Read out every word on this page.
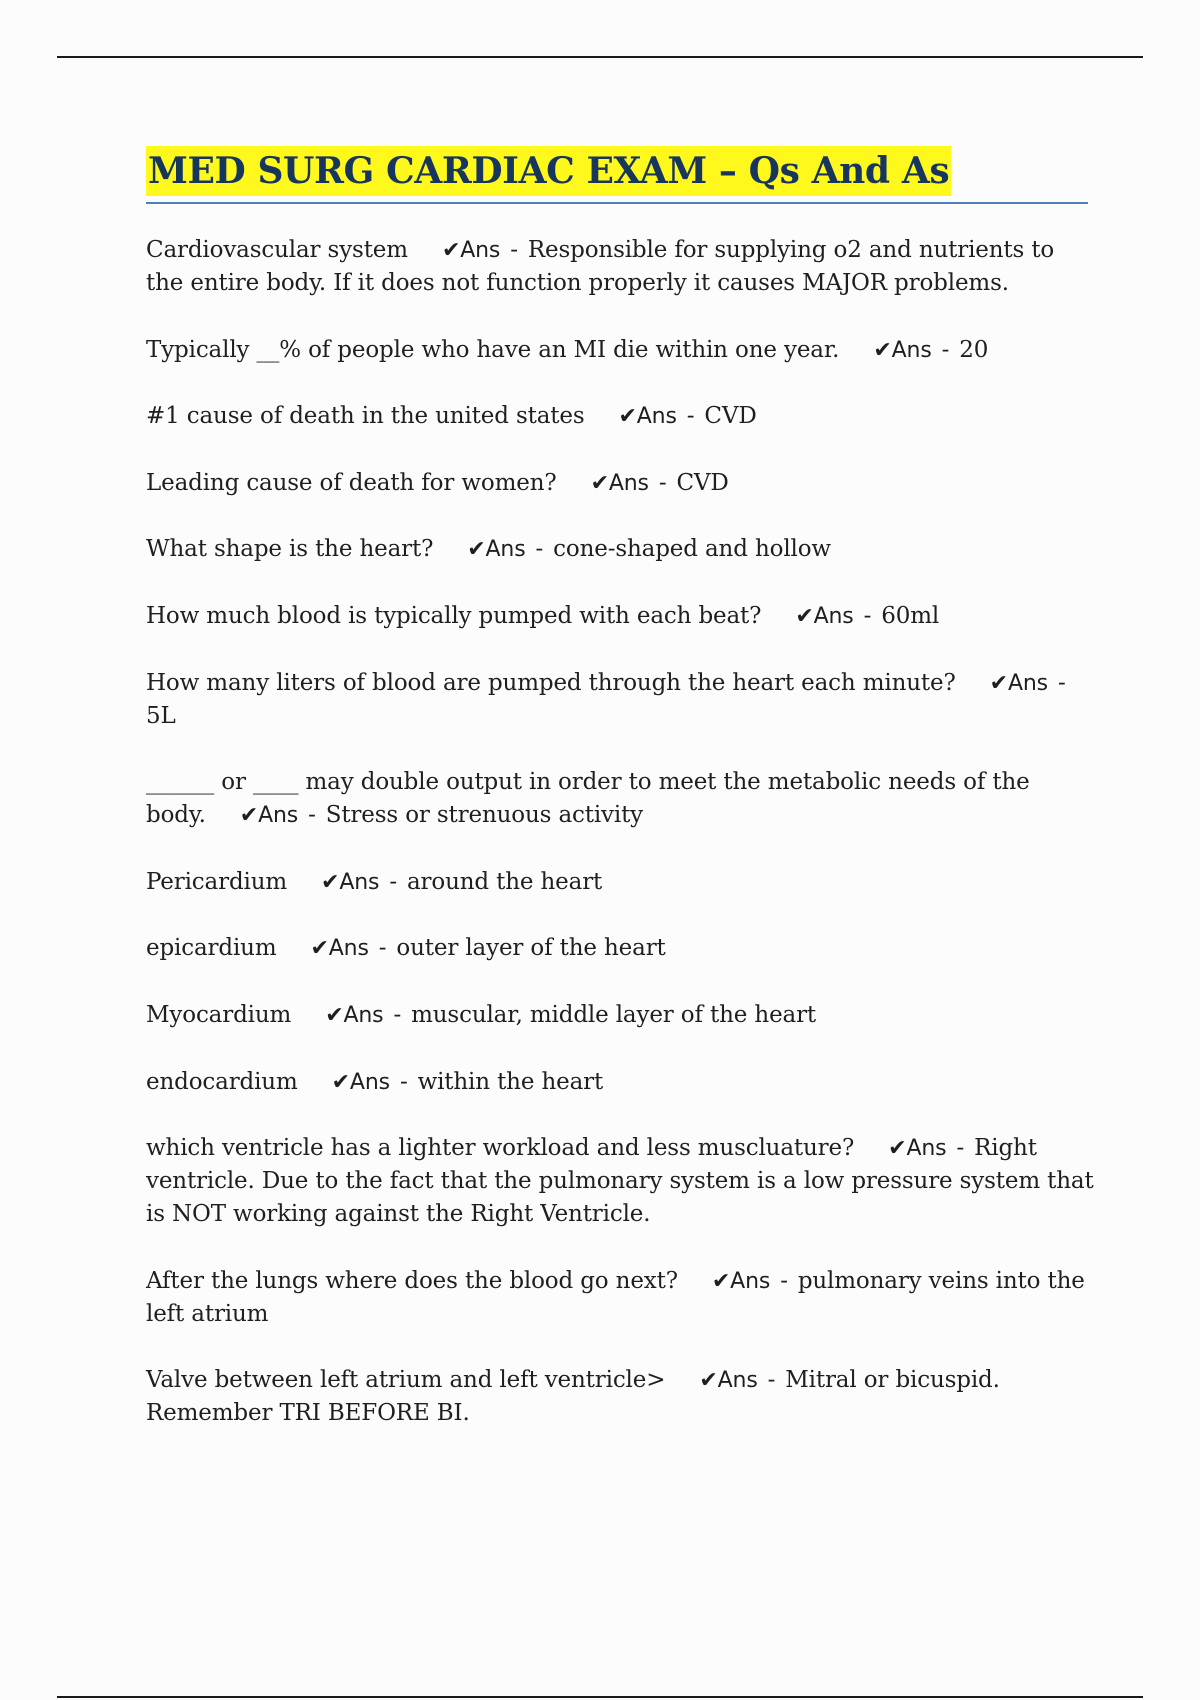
MED SURG CARDIAC EXAM – Qs And As

Cardiovascular system ✔Ans - Responsible for supplying o2 and nutrients to the entire body. If it does not function properly it causes MAJOR problems.

Typically __% of people who have an MI die within one year. ✔Ans - 20

#1 cause of death in the united states ✔Ans - CVD

Leading cause of death for women? ✔Ans - CVD

What shape is the heart? ✔Ans - cone-shaped and hollow

How much blood is typically pumped with each beat? ✔Ans - 60ml

How many liters of blood are pumped through the heart each minute? ✔Ans -5L

______ or ____ may double output in order to meet the metabolic needs of the body. ✔Ans - Stress or strenuous activity

Pericardium ✔Ans - around the heart

epicardium ✔Ans - outer layer of the heart

Myocardium ✔Ans - muscular, middle layer of the heart

endocardium ✔Ans - within the heart

which ventricle has a lighter workload and less muscluature? ✔Ans - Right ventricle. Due to the fact that the pulmonary system is a low pressure system that is NOT working against the Right Ventricle.

After the lungs where does the blood go next? ✔Ans - pulmonary veins into the left atrium

Valve between left atrium and left ventricle> ✔Ans - Mitral or bicuspid. Remember TRI BEFORE BI.
